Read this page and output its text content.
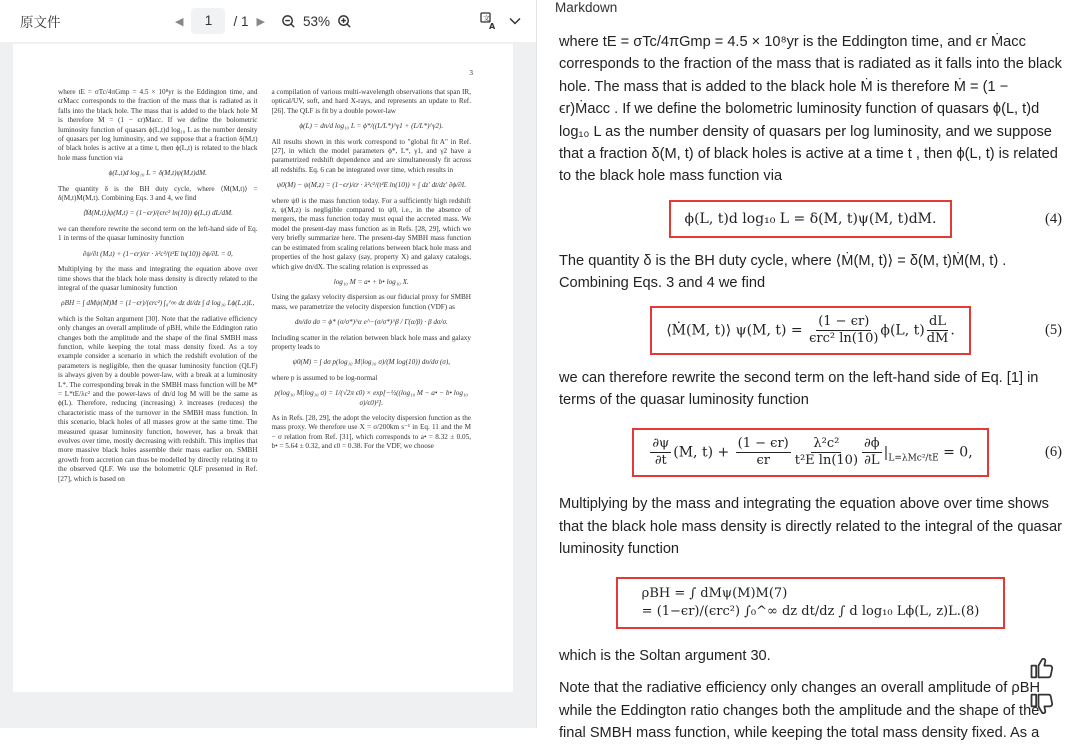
原文件	◀	1	/ 1 ▶	53%	文
A
3

where tE = σTc/4πGmp = 4.5 × 10⁸yr is the Eddington time, and ϵrṀacc corresponds to the fraction of the mass that is radiated as it falls into the black hole. The mass that is added to the black hole Ṁ is therefore Ṁ = (1 − ϵr)Ṁacc. If we define the bolometric luminosity function of quasars ϕ(L,t)d log₁₀ L as the number density of quasars per log luminosity, and we suppose that a fraction δ(M,t) of black holes is active at a time t, then ϕ(L,t) is related to the black hole mass function via

ϕ(L,t)d log₁₀ L = δ(M,t)ψ(M,t)dM.

The quantity δ is the BH duty cycle, where ⟨Ṁ(M,t)⟩ = δ(M,t)Ṁ(M,t). Combining Eqs. 3 and 4, we find

⟨Ṁ(M,t)⟩ψ(M,t) = (1−ϵr)/(ϵrc² ln(10)) ϕ(L,t) dL/dM.

we can therefore rewrite the second term on the left-hand side of Eq. 1 in terms of the quasar luminosity function

∂ψ/∂t (M,t) + (1−ϵr)/ϵr · λ²c²/(t²E ln(10)) ∂ϕ/∂L = 0,

Multiplying by the mass and integrating the equation above over time shows that the black hole mass density is directly related to the integral of the quasar luminosity function

ρBH = ∫ dMψ(M)M = (1−ϵr)/(ϵrc²) ∫₀^∞ dz dt/dz ∫ d log₁₀ Lϕ(L,z)L,

which is the Soltan argument [30]. Note that the radiative efficiency only changes an overall amplitude of ρBH, while the Eddington ratio changes both the amplitude and the shape of the final SMBH mass function, while keeping the total mass density fixed. As a toy example consider a scenario in which the redshift evolution of the parameters is negligible, then the quasar luminosity function (QLF) is always given by a double power-law, with a break at a luminosity L*. The corresponding break in the SMBH mass function will be M* = L*tE/λc² and the power-laws of dn/d log M will be the same as ϕ(L). Therefore, reducing (increasing) λ increases (reduces) the characteristic mass of the turnover in the SMBH mass function. In this scenario, black holes of all masses grow at the same time. The measured quasar luminosity function, however, has a break that evolves over time, mostly decreasing with redshift. This implies that more massive black holes assemble their mass earlier on. SMBH growth from accretion can thus be modelled by directly relating it to the observed QLF. We use the bolometric QLF presented in Ref. [27], which is based on

a compilation of various multi-wavelength observations that span IR, optical/UV, soft, and hard X-rays, and represents an update to Ref. [26]. The QLF is fit by a double power-law

ϕ(L) = dn/d log₁₀ L = ϕ*/((L/L*)^γ1 + (L/L*)^γ2).

All results shown in this work correspond to "global fit A" in Ref. [27], in which the model parameters ϕ*, L*, γ1, and γ2 have a parametrized redshift dependence and are simultaneously fit across all redshifts. Eq. 6 can be integrated over time, which results in

ψ0(M) − ψ(M,z) = (1−ϵr)/ϵr · λ²c²/(t²E ln(10)) × ∫ dz' dt/dz' ∂ϕ/∂L

where ψ0 is the mass function today. For a sufficiently high redshift z, ψ(M,z) is negligible compared to ψ0, i.e., in the absence of mergers, the mass function today must equal the accreted mass. We model the present-day mass function as in Refs. [28, 29], which we very briefly summarize here. The present-day SMBH mass function can be estimated from scaling relations between black hole mass and properties of the host galaxy (say, property X) and galaxy catalogs, which give dn/dX. The scaling relation is expressed as

log₁₀ M = a• + b• log₁₀ X.

Using the galaxy velocity dispersion as our fiducial proxy for SMBH mass, we parametrize the velocity dispersion function (VDF) as

dn/dσ dσ = ϕ* (σ/σ*)^α e^−(σ/σ*)^β / Γ(α/β) · β dσ/σ.

Including scatter in the relation between black hole mass and galaxy property leads to

ψ0(M) = ∫ dσ p(log₁₀ M|log₁₀ σ)/(M log(10)) dn/dσ (σ),

where p is assumed to be log-normal

p(log₁₀ M|log₁₀ σ) = 1/(√2π ϵ0) × exp[−½((log₁₀ M − a• − b• log₁₀ σ)/ϵ0)²].

As in Refs. [28, 29], the adopt the velocity dispersion function as the mass proxy. We therefore use X = σ/200km s⁻¹ in Eq. 11 and the M − σ relation from Ref. [31], which corresponds to a• = 8.32 ± 0.05, b• = 5.64 ± 0.32, and ϵ0 = 0.38. For the VDF, we choose

Markdown

where tE = σTc/4πGmp = 4.5 × 10⁸yr is the Eddington time, and ϵr Ṁacc corresponds to the fraction of the mass that is radiated as it falls into the black hole. The mass that is added to the black hole Ṁ is therefore Ṁ = (1 − ϵr)Ṁacc . If we define the bolometric luminosity function of quasars ϕ(L, t)d log₁₀ L as the number density of quasars per log luminosity, and we suppose that a fraction δ(M, t) of black holes is active at a time t , then ϕ(L, t) is related to the black hole mass function via

ϕ(L, t)d log₁₀ L = δ(M, t)ψ(M, t)dM.	(4)

The quantity δ is the BH duty cycle, where ⟨Ṁ(M, t)⟩ = δ(M, t)Ṁ(M, t) . Combining Eqs. 3 and 4 we find

⟨Ṁ(M, t)⟩ ψ(M, $t) = \frac{(1 - \epsilon r)}{\text{ϵrc² ln(10)}} \phi(L$, $t) \frac{dL}{dM}$ .	(5)

we can therefore rewrite the second term on the left-hand side of Eq. [1] in terms of the quasar luminosity function

$\frac{\partial\psi}{\partial t} (M$, $t) + \frac{(1 - \epsilon r)}{\epsilon r} \frac{\text{λ²c²}}{\text{t²E ln(10)}} \frac{\partial\phi}{\partial L} |_{L=\lambda Mc^2/tE} = 0$,	(6)

Multiplying by the mass and integrating the equation above over time shows that the black hole mass density is directly related to the integral of the quasar luminosity function

ρBH = ∫ dMψ(M)M(7)
= (1−ϵr)/(ϵrc²) ∫₀^∞ dz dt/dz ∫ d log₁₀ Lϕ(L, z)L.(8)

which is the Soltan argument 30.

Note that the radiative efficiency only changes an overall amplitude of ρBH while the Eddington ratio changes both the amplitude and the shape of the final SMBH mass function, while keeping the total mass density fixed. As a
